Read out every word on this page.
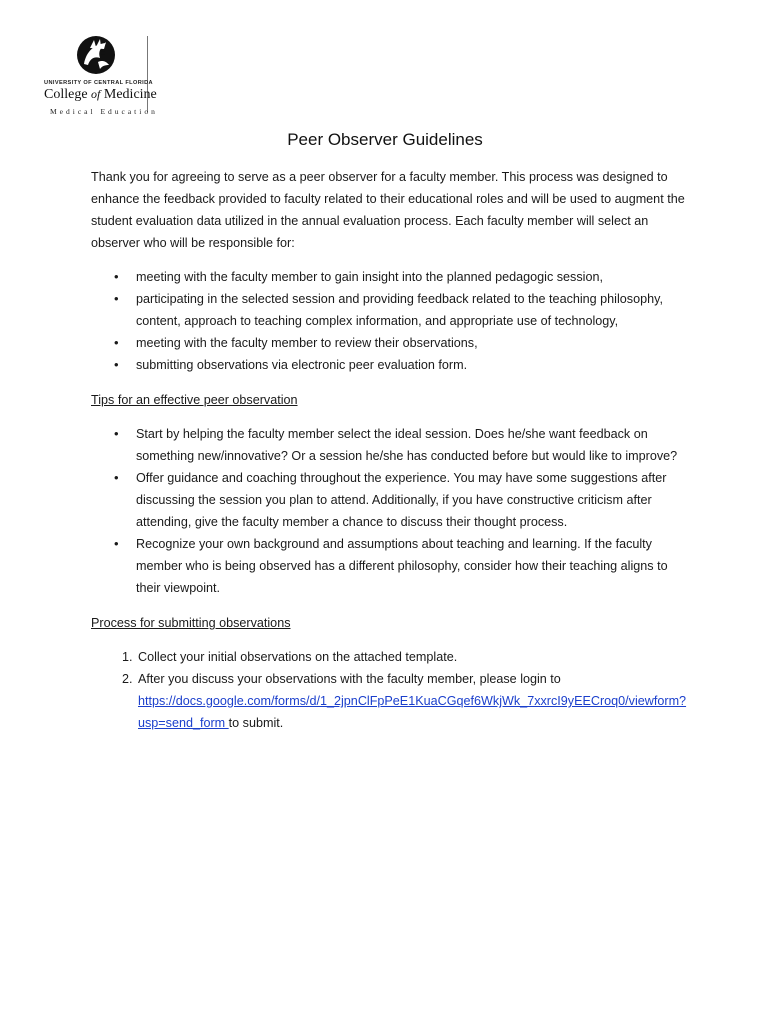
UNIVERSITY OF CENTRAL FLORIDA
College of Medicine
Medical Education
Peer Observer Guidelines

Thank you for agreeing to serve as a peer observer for a faculty member. This process was designed to enhance the feedback provided to faculty related to their educational roles and will be used to augment the student evaluation data utilized in the annual evaluation process. Each faculty member will select an observer who will be responsible for:

• meeting with the faculty member to gain insight into the planned pedagogic session,
• participating in the selected session and providing feedback related to the teaching philosophy, content, approach to teaching complex information, and appropriate use of technology,
• meeting with the faculty member to review their observations,
• submitting observations via electronic peer evaluation form.
Tips for an effective peer observation
• Start by helping the faculty member select the ideal session. Does he/she want feedback on something new/innovative? Or a session he/she has conducted before but would like to improve?
• Offer guidance and coaching throughout the experience. You may have some suggestions after discussing the session you plan to attend. Additionally, if you have constructive criticism after attending, give the faculty member a chance to discuss their thought process.
• Recognize your own background and assumptions about teaching and learning. If the faculty member who is being observed has a different philosophy, consider how their teaching aligns to their viewpoint.
Process for submitting observations
1. Collect your initial observations on the attached template.
2. After you discuss your observations with the faculty member, please login to
https://docs.google.com/forms/d/1_2jpnClFpPeE1KuaCGqef6WkjWk_7xxrcI9yEECroq0/viewform?usp=send_form to submit.
